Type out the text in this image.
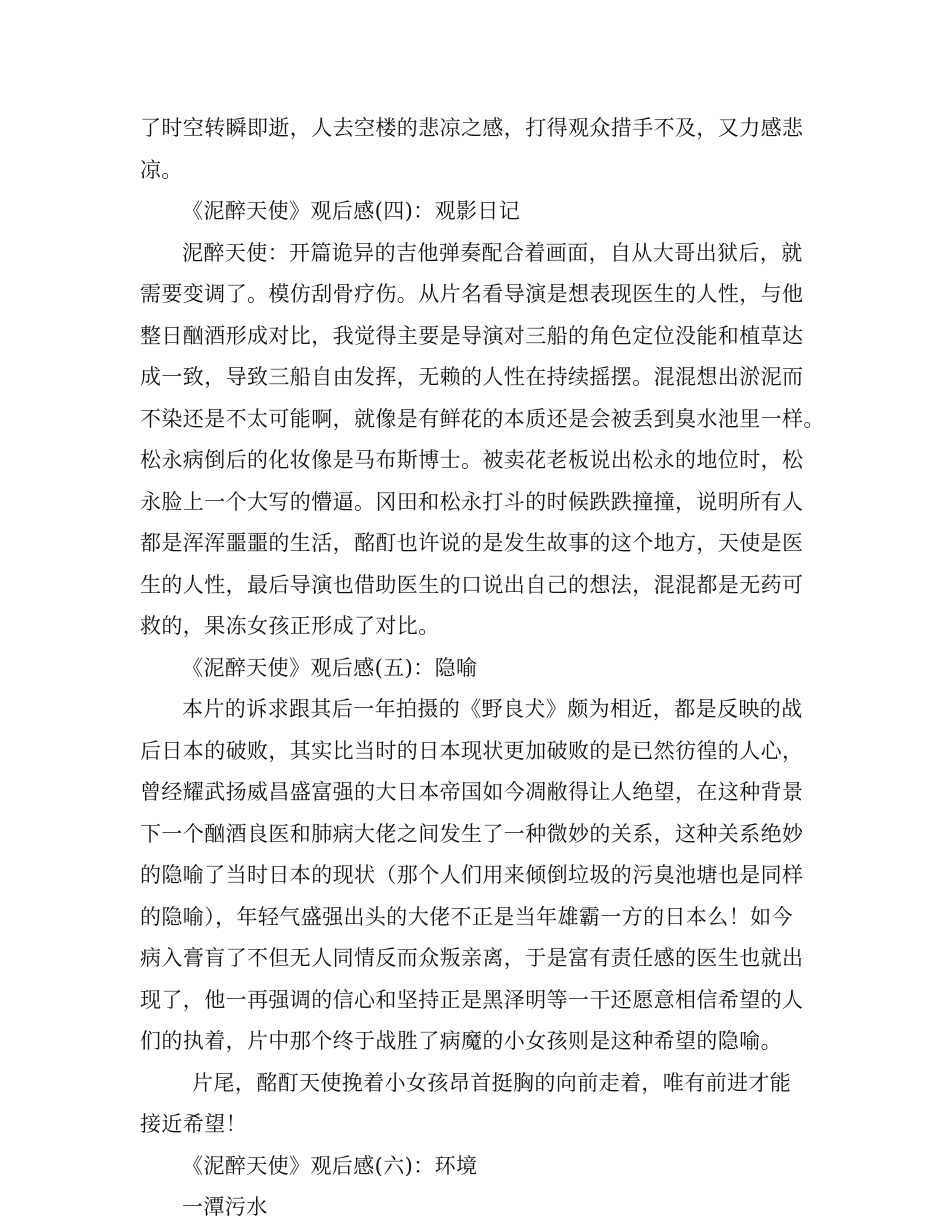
了时空转瞬即逝，人去空楼的悲凉之感，打得观众措手不及，又力感悲
凉。
《泥醉天使》观后感(四)：观影日记
泥醉天使：开篇诡异的吉他弹奏配合着画面，自从大哥出狱后，就
需要变调了。模仿刮骨疗伤。从片名看导演是想表现医生的人性，与他
整日酗酒形成对比，我觉得主要是导演对三船的角色定位没能和植草达
成一致，导致三船自由发挥，无赖的人性在持续摇摆。混混想出淤泥而
不染还是不太可能啊，就像是有鲜花的本质还是会被丢到臭水池里一样。
松永病倒后的化妆像是马布斯博士。被卖花老板说出松永的地位时，松
永脸上一个大写的懵逼。冈田和松永打斗的时候跌跌撞撞，说明所有人
都是浑浑噩噩的生活，酩酊也许说的是发生故事的这个地方，天使是医
生的人性，最后导演也借助医生的口说出自己的想法，混混都是无药可
救的，果冻女孩正形成了对比。
《泥醉天使》观后感(五)：隐喻
本片的诉求跟其后一年拍摄的《野良犬》颇为相近，都是反映的战
后日本的破败，其实比当时的日本现状更加破败的是已然彷徨的人心，
曾经耀武扬威昌盛富强的大日本帝国如今凋敝得让人绝望，在这种背景
下一个酗酒良医和肺病大佬之间发生了一种微妙的关系，这种关系绝妙
的隐喻了当时日本的现状（那个人们用来倾倒垃圾的污臭池塘也是同样
的隐喻），年轻气盛强出头的大佬不正是当年雄霸一方的日本么！如今
病入膏肓了不但无人同情反而众叛亲离，于是富有责任感的医生也就出
现了，他一再强调的信心和坚持正是黑泽明等一干还愿意相信希望的人
们的执着，片中那个终于战胜了病魔的小女孩则是这种希望的隐喻。
片尾，酩酊天使挽着小女孩昂首挺胸的向前走着，唯有前进才能
接近希望！
《泥醉天使》观后感(六)：环境
一潭污水
